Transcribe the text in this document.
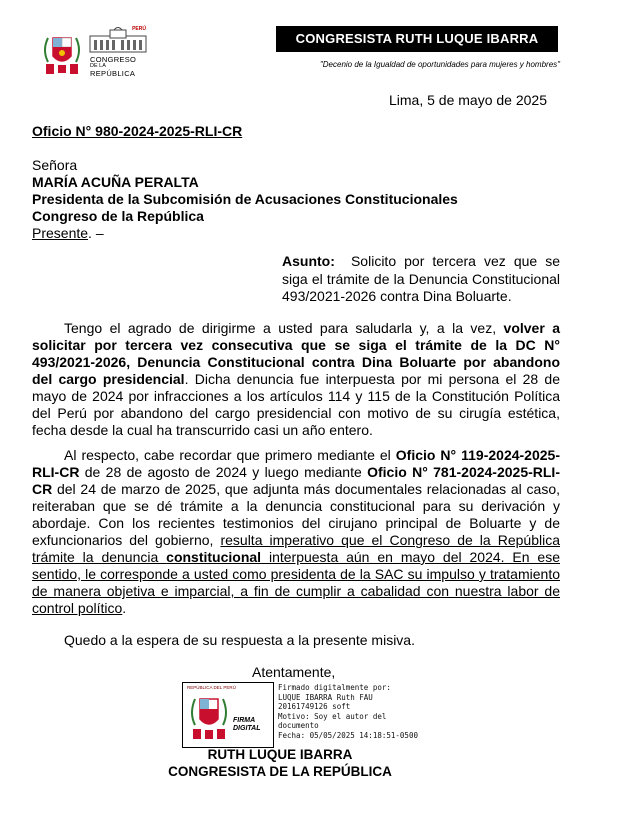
PERÚ
CONGRESO
DE LA
REPÚBLICA
CONGRESISTA RUTH LUQUE IBARRA
"Decenio de la Igualdad de oportunidades para mujeres y hombres"
Lima, 5 de mayo de 2025
Oficio N° 980-2024-2025-RLI-CR
Señora
MARÍA ACUÑA PERALTA
Presidenta de la Subcomisión de Acusaciones Constitucionales
Congreso de la República
Presente. –
Asunto: Solicito por tercera vez que se siga el trámite de la Denuncia Constitucional 493/2021-2026 contra Dina Boluarte.
Tengo el agrado de dirigirme a usted para saludarla y, a la vez, volver a solicitar por tercera vez consecutiva que se siga el trámite de la DC N° 493/2021-2026, Denuncia Constitucional contra Dina Boluarte por abandono del cargo presidencial. Dicha denuncia fue interpuesta por mi persona el 28 de mayo de 2024 por infracciones a los artículos 114 y 115 de la Constitución Política del Perú por abandono del cargo presidencial con motivo de su cirugía estética, fecha desde la cual ha transcurrido casi un año entero.
Al respecto, cabe recordar que primero mediante el Oficio N° 119-2024-2025-RLI-CR de 28 de agosto de 2024 y luego mediante Oficio N° 781-2024-2025-RLI-CR del 24 de marzo de 2025, que adjunta más documentales relacionadas al caso, reiteraban que se dé trámite a la denuncia constitucional para su derivación y abordaje. Con los recientes testimonios del cirujano principal de Boluarte y de exfuncionarios del gobierno, resulta imperativo que el Congreso de la República trámite la denuncia constitucional interpuesta aún en mayo del 2024. En ese sentido, le corresponde a usted como presidenta de la SAC su impulso y tratamiento de manera objetiva e imparcial, a fin de cumplir a cabalidad con nuestra labor de control político.
Quedo a la espera de su respuesta a la presente misiva.
Atentamente,
REPÚBLICA DEL PERÚ
FIRMA
DIGITAL
Firmado digitalmente por:
LUQUE IBARRA Ruth FAU
20161749126 soft
Motivo: Soy el autor del
documento
Fecha: 05/05/2025 14:18:51-0500
RUTH LUQUE IBARRA
CONGRESISTA DE LA REPÚBLICA
